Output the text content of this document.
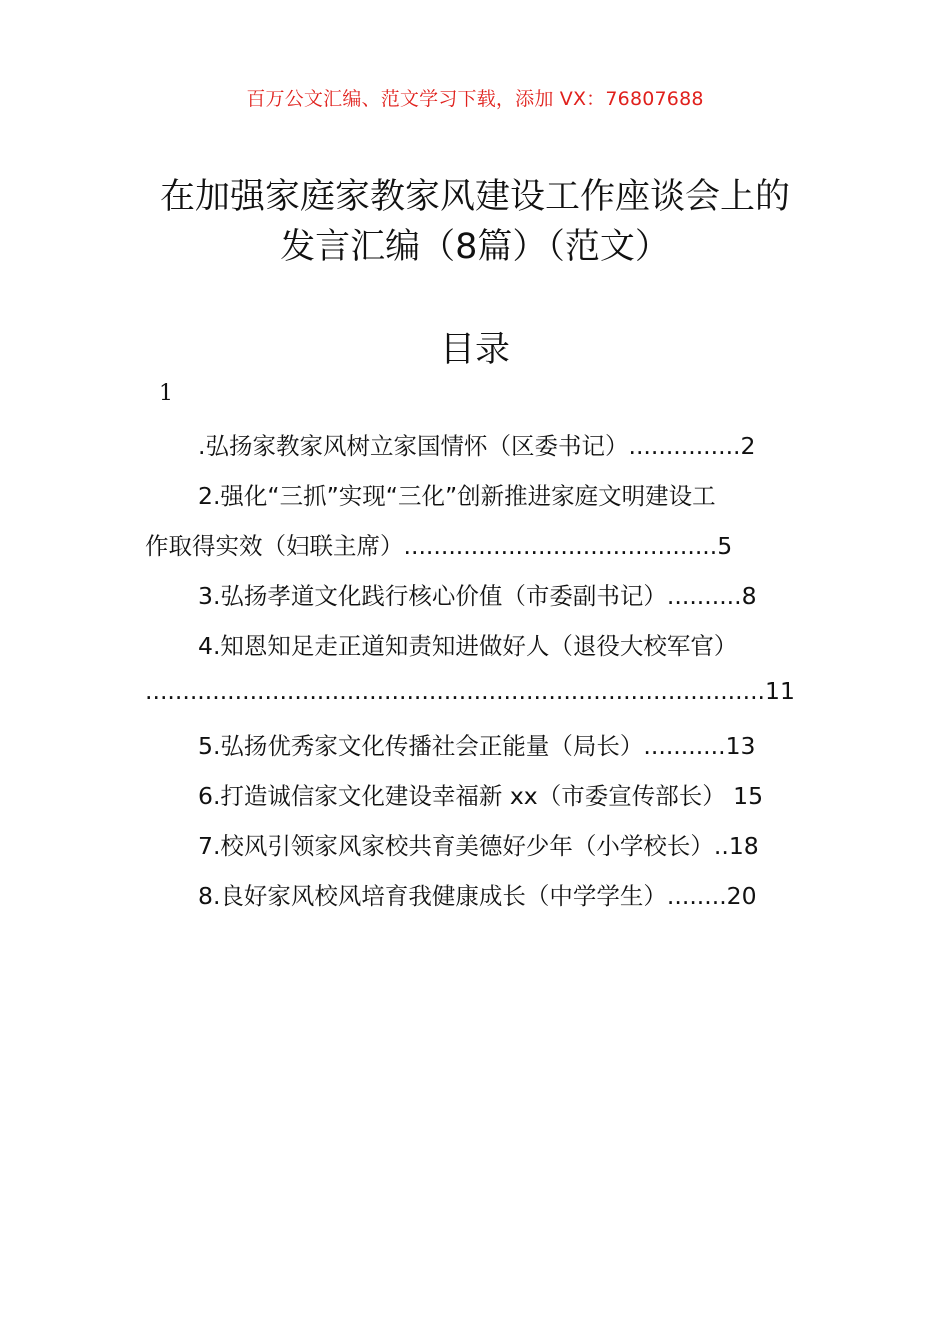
百万公文汇编、范文学习下载，添加 VX：76807688
在加强家庭家教家风建设工作座谈会上的
发言汇编（8篇）（范文）
目录
1
.弘扬家教家风树立家国情怀（区委书记）...............2
2.强化“三抓”实现“三化”创新推进家庭文明建设工
作取得实效（妇联主席）..........................................5
3.弘扬孝道文化践行核心价值（市委副书记）..........8
4.知恩知足走正道知责知进做好人（退役大校军官）
...................................................................................11
5.弘扬优秀家文化传播社会正能量（局长）...........13
6.打造诚信家文化建设幸福新 xx（市委宣传部长） 15
7.校风引领家风家校共育美德好少年（小学校长）..18
8.良好家风校风培育我健康成长（中学学生）........20
